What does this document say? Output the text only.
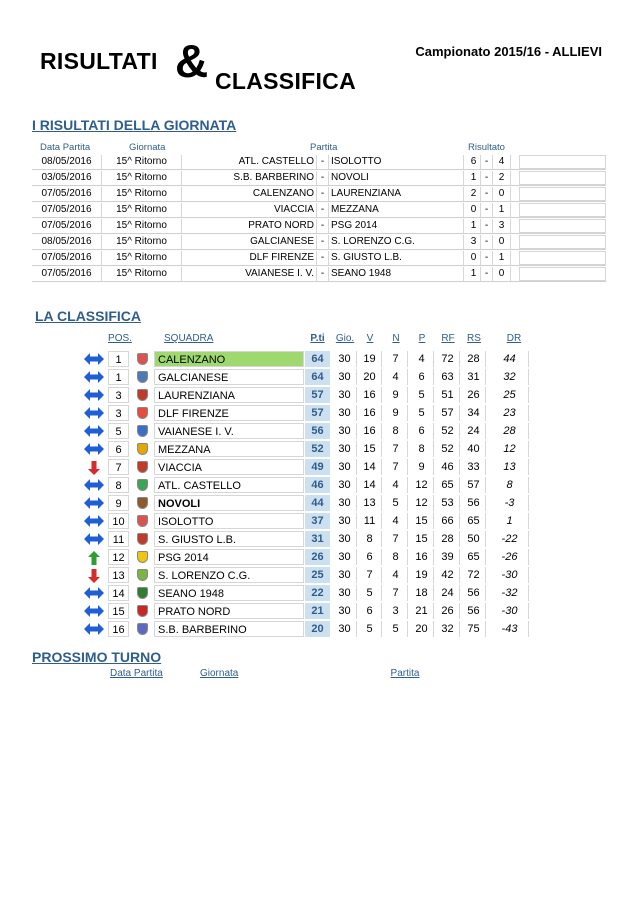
RISULTATI & CLASSIFICA
Campionato 2015/16 - ALLIEVI
I RISULTATI DELLA GIORNATA
Data Partita	Giornata	Partita	Risultato
08/05/2016	15^ Ritorno	ATL. CASTELLO - ISOLOTTO	6 -	4
03/05/2016	15^ Ritorno	S.B. BARBERINO - NOVOLI	1 -	2
07/05/2016	15^ Ritorno	CALENZANO - LAURENZIANA	2 -	0
07/05/2016	15^ Ritorno	VIACCIA - MEZZANA	0 -	1
07/05/2016	15^ Ritorno	PRATO NORD - PSG 2014	1 -	3
08/05/2016	15^ Ritorno	GALCIANESE - S. LORENZO C.G.	3 -	0
07/05/2016	15^ Ritorno	DLF FIRENZE - S. GIUSTO L.B.	0 -	1
07/05/2016	15^ Ritorno	VAIANESE I. V. - SEANO 1948	1 -	0
LA CLASSIFICA
POS.	SQUADRA	P.ti	Gio.	V	N	P	RF	RS	DR
1	CALENZANO	64	30	19	7	4	72	28	44
1	GALCIANESE	64	30	20	4	6	63	31	32
3	LAURENZIANA	57	30	16	9	5	51	26	25
3	DLF FIRENZE	57	30	16	9	5	57	34	23
5	VAIANESE I. V.	56	30	16	8	6	52	24	28
6	MEZZANA	52	30	15	7	8	52	40	12
7	VIACCIA	49	30	14	7	9	46	33	13
8	ATL. CASTELLO	46	30	14	4	12	65	57	8
9	NOVOLI	44	30	13	5	12	53	56	-3
10	ISOLOTTO	37	30	11	4	15	66	65	1
11	S. GIUSTO L.B.	31	30	8	7	15	28	50	-22
12	PSG 2014	26	30	6	8	16	39	65	-26
13	S. LORENZO C.G.	25	30	7	4	19	42	72	-30
14	SEANO 1948	22	30	5	7	18	24	56	-32
15	PRATO NORD	21	30	6	3	21	26	56	-30
16	S.B. BARBERINO	20	30	5	5	20	32	75	-43
PROSSIMO TURNO
Data Partita	Giornata	Partita
